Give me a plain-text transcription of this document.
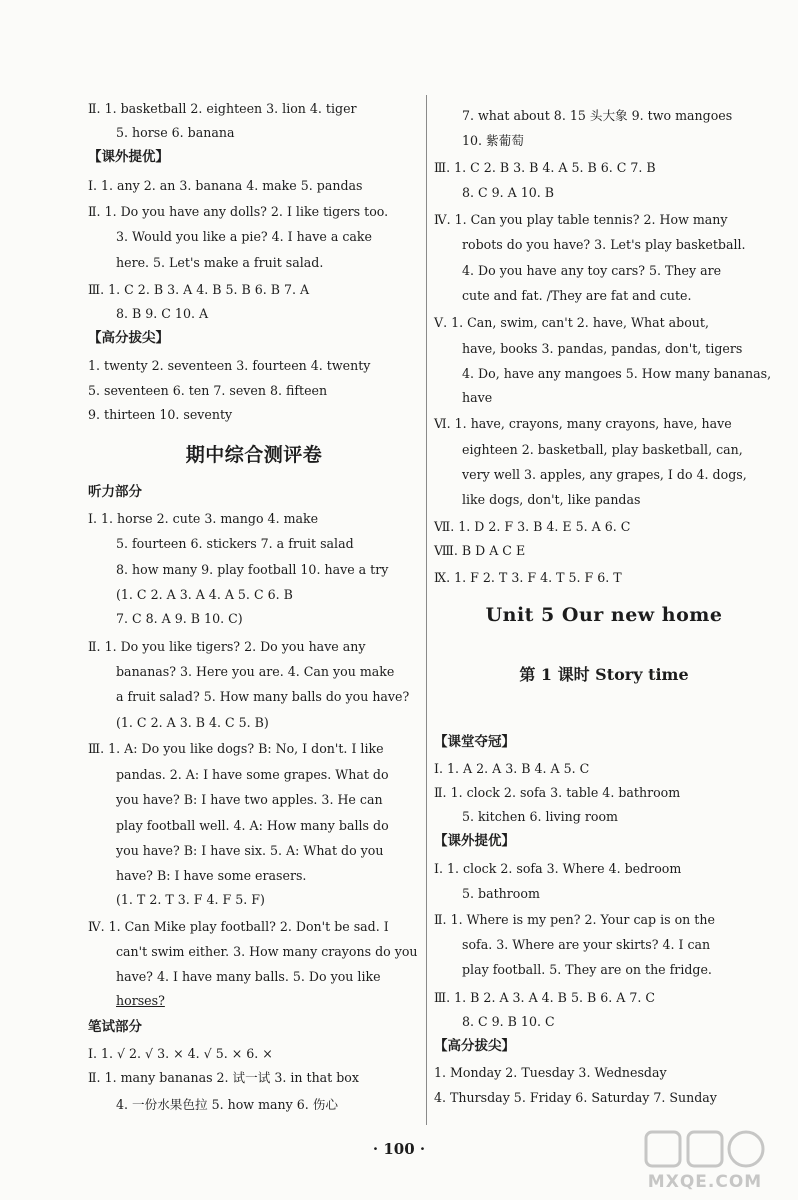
Ⅱ. 1. basketball 2. eighteen 3. lion 4. tiger
5. horse 6. banana
【课外提优】
Ⅰ. 1. any 2. an 3. banana 4. make 5. pandas
Ⅱ. 1. Do you have any dolls? 2. I like tigers too.
3. Would you like a pie? 4. I have a cake
here. 5. Let's make a fruit salad.
Ⅲ. 1. C 2. B 3. A 4. B 5. B 6. B 7. A
8. B 9. C 10. A
【高分拔尖】
1. twenty 2. seventeen 3. fourteen 4. twenty
5. seventeen 6. ten 7. seven 8. fifteen
9. thirteen 10. seventy
期中综合测评卷
听力部分
Ⅰ. 1. horse 2. cute 3. mango 4. make
5. fourteen 6. stickers 7. a fruit salad
8. how many 9. play football 10. have a try
(1. C 2. A 3. A 4. A 5. C 6. B
7. C 8. A 9. B 10. C)
Ⅱ. 1. Do you like tigers? 2. Do you have any
bananas? 3. Here you are. 4. Can you make
a fruit salad? 5. How many balls do you have?
(1. C 2. A 3. B 4. C 5. B)
Ⅲ. 1. A: Do you like dogs? B: No, I don't. I like
pandas. 2. A: I have some grapes. What do
you have? B: I have two apples. 3. He can
play football well. 4. A: How many balls do
you have? B: I have six. 5. A: What do you
have? B: I have some erasers.
(1. T 2. T 3. F 4. F 5. F)
Ⅳ. 1. Can Mike play football? 2. Don't be sad. I
can't swim either. 3. How many crayons do you
have? 4. I have many balls. 5. Do you like
horses?
笔试部分
Ⅰ. 1. √ 2. √ 3. × 4. √ 5. × 6. ×
Ⅱ. 1. many bananas 2. 试一试 3. in that box
4. 一份水果色拉 5. how many 6. 伤心
7. what about 8. 15 头大象 9. two mangoes
10. 紫葡萄
Ⅲ. 1. C 2. B 3. B 4. A 5. B 6. C 7. B
8. C 9. A 10. B
Ⅳ. 1. Can you play table tennis? 2. How many
robots do you have? 3. Let's play basketball.
4. Do you have any toy cars? 5. They are
cute and fat. /They are fat and cute.
Ⅴ. 1. Can, swim, can't 2. have, What about,
have, books 3. pandas, pandas, don't, tigers
4. Do, have any mangoes 5. How many bananas,
have
Ⅵ. 1. have, crayons, many crayons, have, have
eighteen 2. basketball, play basketball, can,
very well 3. apples, any grapes, I do 4. dogs,
like dogs, don't, like pandas
Ⅶ. 1. D 2. F 3. B 4. E 5. A 6. C
Ⅷ. B D A C E
Ⅸ. 1. F 2. T 3. F 4. T 5. F 6. T
Unit 5 Our new home
第 1 课时 Story time
【课堂夺冠】
Ⅰ. 1. A 2. A 3. B 4. A 5. C
Ⅱ. 1. clock 2. sofa 3. table 4. bathroom
5. kitchen 6. living room
【课外提优】
Ⅰ. 1. clock 2. sofa 3. Where 4. bedroom
5. bathroom
Ⅱ. 1. Where is my pen? 2. Your cap is on the
sofa. 3. Where are your skirts? 4. I can
play football. 5. They are on the fridge.
Ⅲ. 1. B 2. A 3. A 4. B 5. B 6. A 7. C
8. C 9. B 10. C
【高分拔尖】
1. Monday 2. Tuesday 3. Wednesday
4. Thursday 5. Friday 6. Saturday 7. Sunday
· 100 ·
MXQE.COM
